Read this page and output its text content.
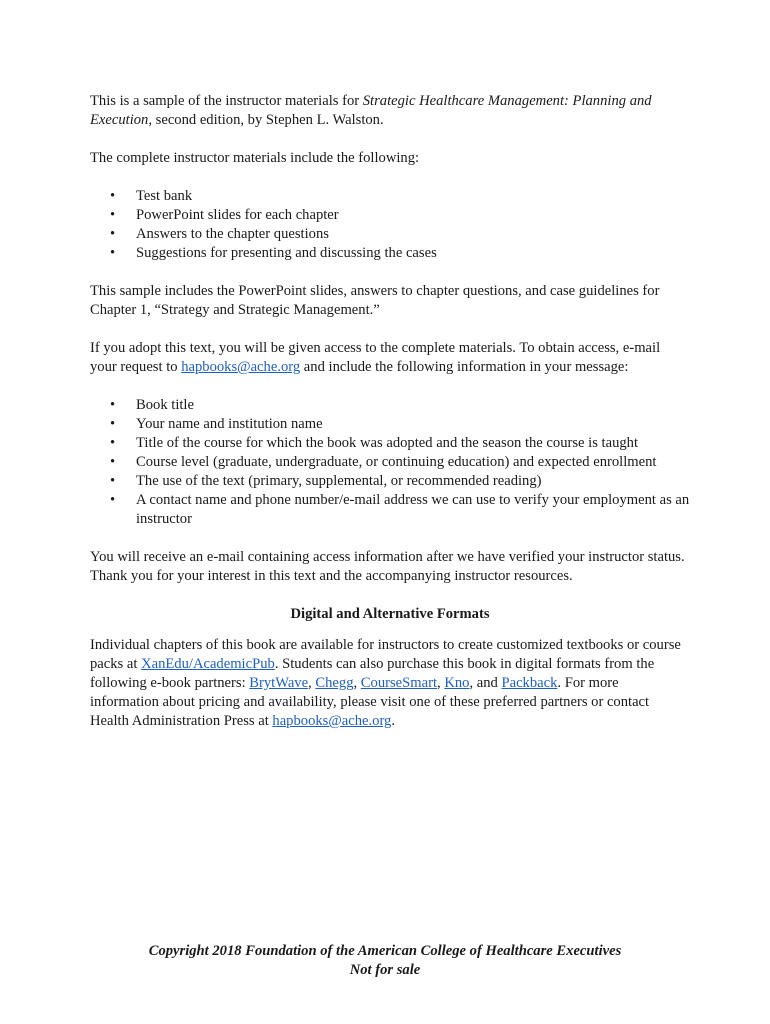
This is a sample of the instructor materials for Strategic Healthcare Management: Planning and Execution, second edition, by Stephen L. Walston.

The complete instructor materials include the following:

• Test bank
• PowerPoint slides for each chapter
• Answers to the chapter questions
• Suggestions for presenting and discussing the cases

This sample includes the PowerPoint slides, answers to chapter questions, and case guidelines for Chapter 1, “Strategy and Strategic Management.”

If you adopt this text, you will be given access to the complete materials. To obtain access, e-mail your request to hapbooks@ache.org and include the following information in your message:

• Book title
• Your name and institution name
• Title of the course for which the book was adopted and the season the course is taught
• Course level (graduate, undergraduate, or continuing education) and expected enrollment
• The use of the text (primary, supplemental, or recommended reading)
• A contact name and phone number/e-mail address we can use to verify your employment as an instructor

You will receive an e-mail containing access information after we have verified your instructor status. Thank you for your interest in this text and the accompanying instructor resources.

Digital and Alternative Formats

Individual chapters of this book are available for instructors to create customized textbooks or course packs at XanEdu/AcademicPub. Students can also purchase this book in digital formats from the following e-book partners: BrytWave, Chegg, CourseSmart, Kno, and Packback. For more information about pricing and availability, please visit one of these preferred partners or contact Health Administration Press at hapbooks@ache.org.

Copyright 2018 Foundation of the American College of Healthcare Executives
Not for sale
